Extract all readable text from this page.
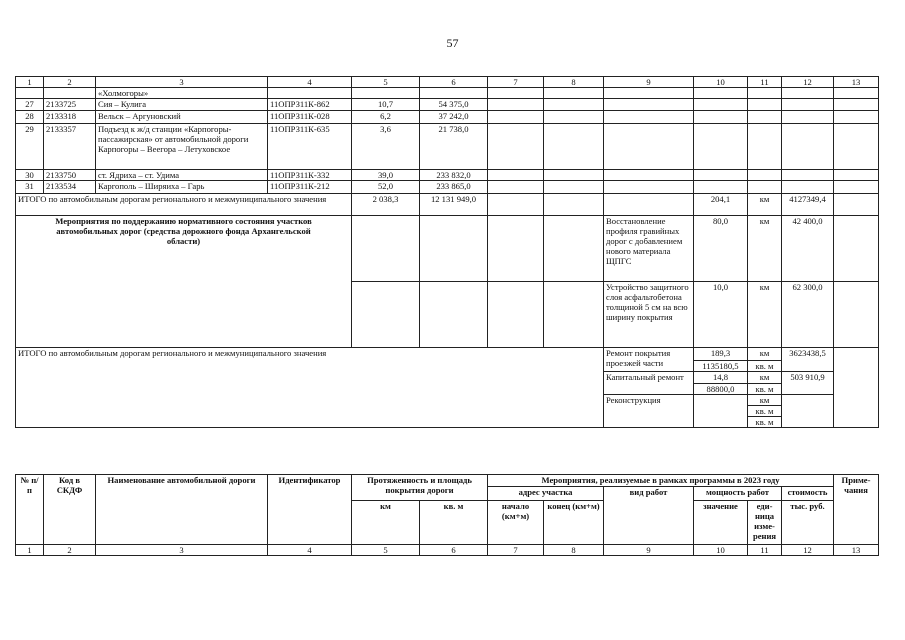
57
1	2	3	4	5	6	7	8	9	10	11	12	13
		«Холмогоры»										
27	2133725	Сия – Кулига	11ОПРЗ11К-862	10,7	54 375,0							
28	2133318	Вельск – Аргуновский	11ОПРЗ11К-028	6,2	37 242,0							
29	2133357	Подъезд к ж/д станции «Карпогоры-пассажирская» от автомобильной дороги Карпогоры – Веегора – Летуховское	11ОПРЗ11К-635	3,6	21 738,0							
30	2133750	ст. Ядриха – ст. Удима	11ОПРЗ11К-332	39,0	233 832,0							
31	2133534	Каргополь – Ширяиха – Гарь	11ОПРЗ11К-212	52,0	233 865,0							
ИТОГО по автомобильным дорогам регионального и межмуниципального значения				2 038,3	12 131 949,0				204,1	км	4127349,4	
Мероприятия по поддержанию нормативного состояния участков автомобильных дорог (средства дорожного фонда Архангельской области)								Восстановление профиля гравийных дорог с добавлением нового материала ЩПГС	80,0	км	42 400,0	
								Устройство защитного слоя асфальтобетона толщиной 5 см на всю ширину покрытия	10,0	км	62 300,0	
ИТОГО по автомобильным дорогам регионального и межмуниципального значения								Ремонт покрытия проезжей части	189,3	км	3623438,5	
									1135180,5	кв. м		
								Капитальный ремонт	14,8	км	503 910,9	
									88800,0	кв. м		
								Реконструкция		км		
										кв. м		
										кв. м		
№ п/п	Код в СКДФ	Наименование автомобильной дороги	Идентификатор	Протяженность и площадь покрытия дороги		Мероприятия, реализуемые в рамках программы в 2023 году						Приме-чания
						адрес участка		вид работ	мощность работ		стоимость	
				км	кв. м	начало (км+м)	конец (км+м)		значение	еди-ница изме-рения	тыс. руб.	
1	2	3	4	5	6	7	8	9	10	11	12	13
